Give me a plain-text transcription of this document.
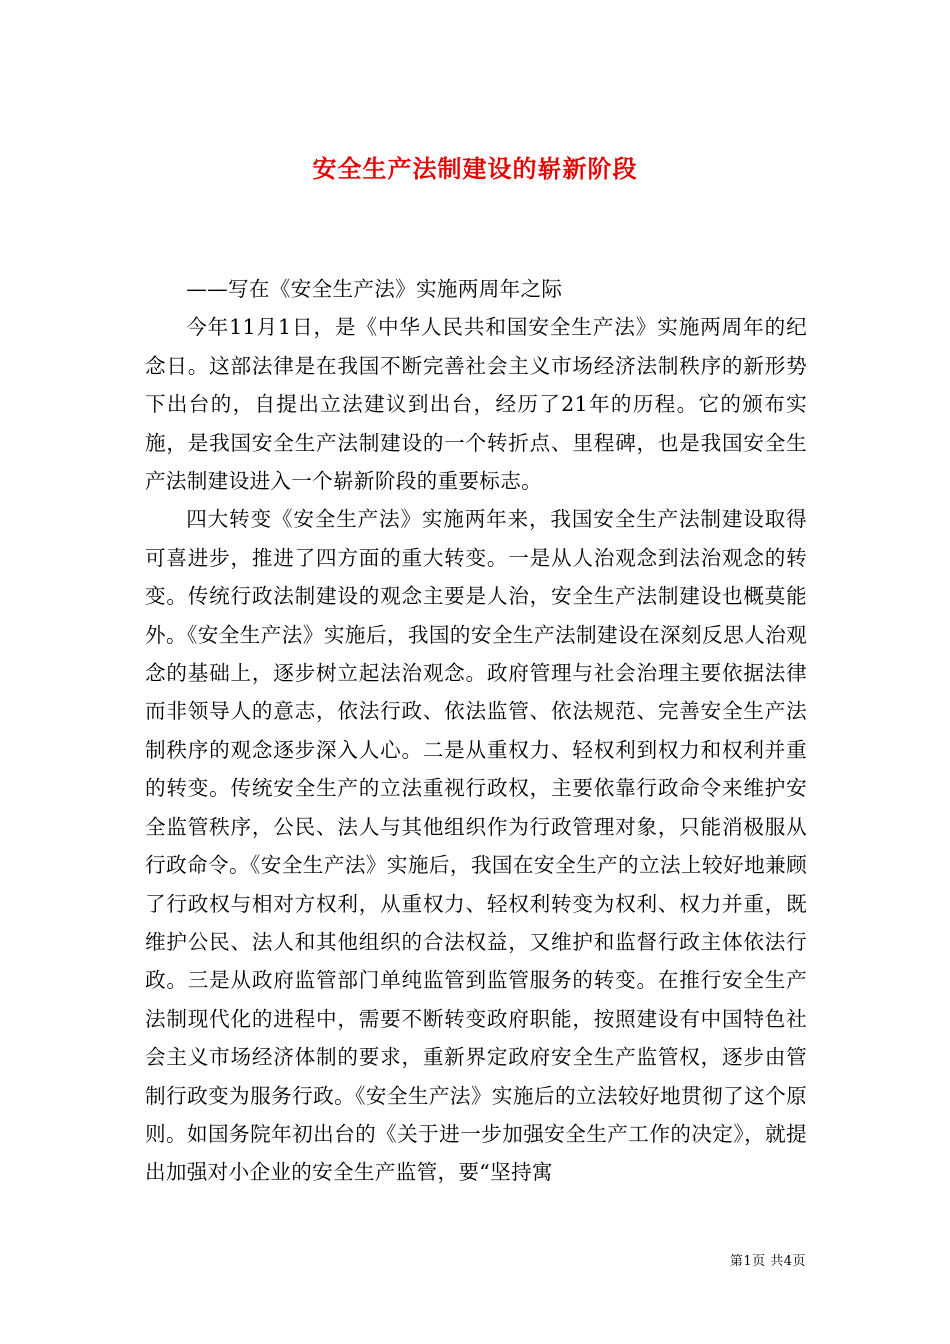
安全生产法制建设的崭新阶段

——写在《安全生产法》实施两周年之际

今年11月1日，是《中华人民共和国安全生产法》实施两周年的纪念日。这部法律是在我国不断完善社会主义市场经济法制秩序的新形势下出台的，自提出立法建议到出台，经历了21年的历程。它的颁布实施，是我国安全生产法制建设的一个转折点、里程碑，也是我国安全生产法制建设进入一个崭新阶段的重要标志。

四大转变《安全生产法》实施两年来，我国安全生产法制建设取得可喜进步，推进了四方面的重大转变。一是从人治观念到法治观念的转变。传统行政法制建设的观念主要是人治，安全生产法制建设也概莫能外。《安全生产法》实施后，我国的安全生产法制建设在深刻反思人治观念的基础上，逐步树立起法治观念。政府管理与社会治理主要依据法律而非领导人的意志，依法行政、依法监管、依法规范、完善安全生产法制秩序的观念逐步深入人心。二是从重权力、轻权利到权力和权利并重的转变。传统安全生产的立法重视行政权，主要依靠行政命令来维护安全监管秩序，公民、法人与其他组织作为行政管理对象，只能消极服从行政命令。《安全生产法》实施后，我国在安全生产的立法上较好地兼顾了行政权与相对方权利，从重权力、轻权利转变为权利、权力并重，既维护公民、法人和其他组织的合法权益，又维护和监督行政主体依法行政。三是从政府监管部门单纯监管到监管服务的转变。在推行安全生产法制现代化的进程中，需要不断转变政府职能，按照建设有中国特色社会主义市场经济体制的要求，重新界定政府安全生产监管权，逐步由管制行政变为服务行政。《安全生产法》实施后的立法较好地贯彻了这个原则。如国务院年初出台的《关于进一步加强安全生产工作的决定》，就提出加强对小企业的安全生产监管，要“坚持寓

第1页 共4页
